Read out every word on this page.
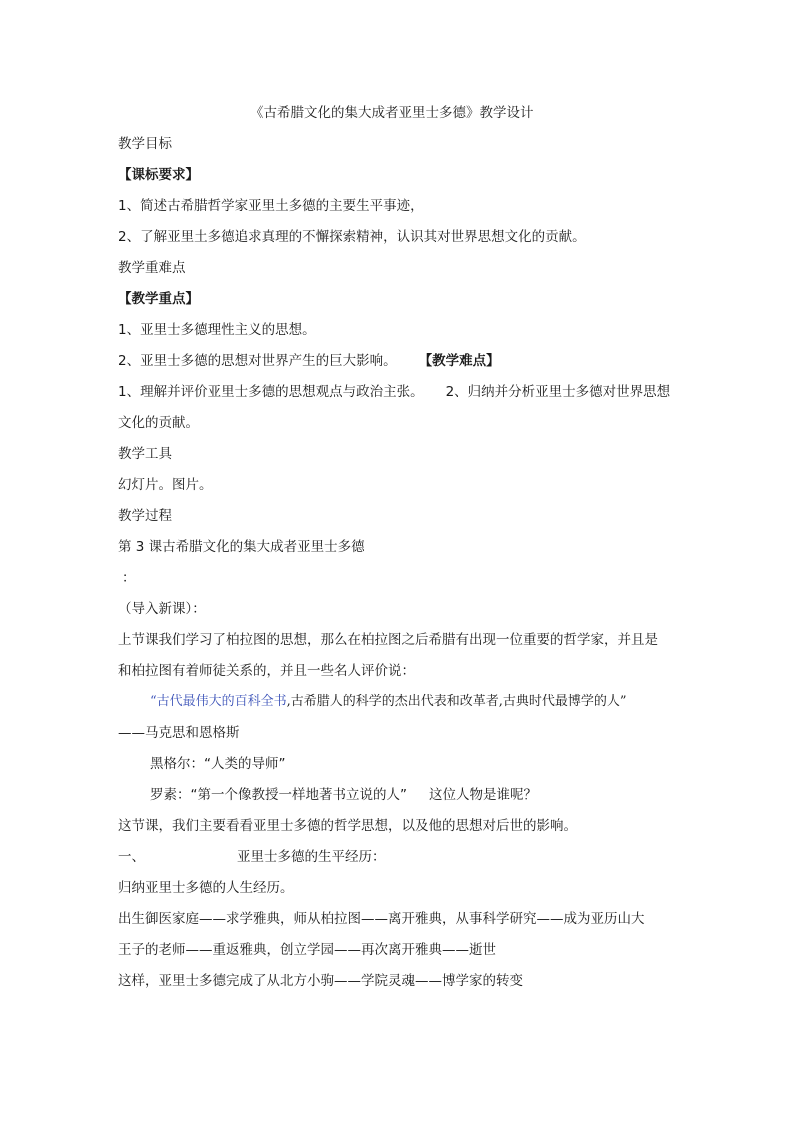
《古希腊文化的集大成者亚里士多德》教学设计
教学目标
【课标要求】
1、简述古希腊哲学家亚里土多德的主要生平事迹，
2、了解亚里土多德追求真理的不懈探索精神，认识其对世界思想文化的贡献。
教学重难点
【教学重点】
1、亚里士多德理性主义的思想。
2、亚里士多德的思想对世界产生的巨大影响。 【教学难点】
1、理解并评价亚里士多德的思想观点与政治主张。 2、归纳并分析亚里士多德对世界思想
文化的贡献。
教学工具
幻灯片。图片。
教学过程
第 3 课古希腊文化的集大成者亚里士多德
：
（导入新课）：
上节课我们学习了柏拉图的思想，那么在柏拉图之后希腊有出现一位重要的哲学家，并且是
和柏拉图有着师徒关系的，并且一些名人评价说：
“古代最伟大的百科全书,古希腊人的科学的杰出代表和改革者,古典时代最博学的人”
——马克思和恩格斯
黑格尔：“人类的导师”
罗素：“第一个像教授一样地著书立说的人” 这位人物是谁呢？
这节课，我们主要看看亚里士多德的哲学思想，以及他的思想对后世的影响。
一、	亚里士多德的生平经历：
归纳亚里士多德的人生经历。
出生御医家庭——求学雅典，师从柏拉图——离开雅典，从事科学研究——成为亚历山大
王子的老师——重返雅典，创立学园——再次离开雅典——逝世
这样，亚里士多德完成了从北方小驹——学院灵魂——博学家的转变
